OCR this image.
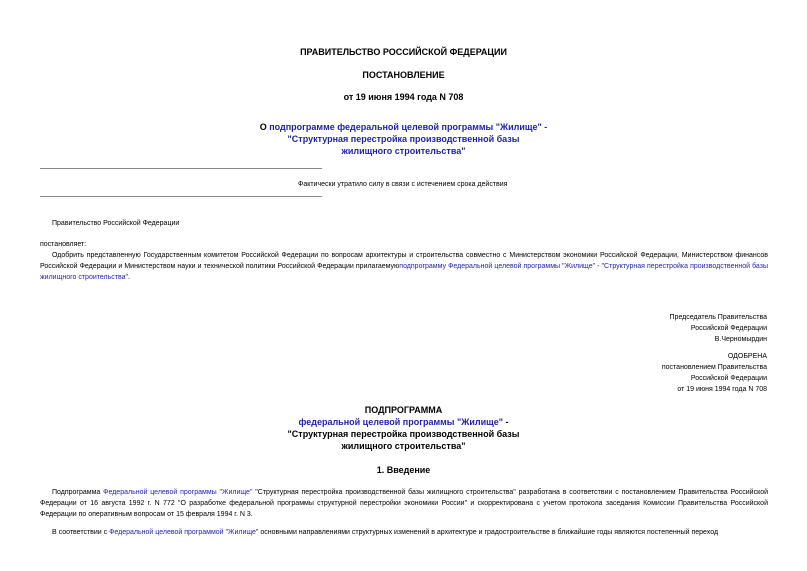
ПРАВИТЕЛЬСТВО РОССИЙСКОЙ ФЕДЕРАЦИИ
ПОСТАНОВЛЕНИЕ
от 19 июня 1994 года N 708
О подпрограмме федеральной целевой программы "Жилище" -
"Структурная перестройка производственной базы
жилищного строительства"
Фактически утратило силу в связи с истечением срока действия
Правительство Российской Федерации
постановляет:
Одобрить представленную Государственным комитетом Российской Федерации по вопросам архитектуры и строительства совместно с Министерством экономики Российской Федерации, Министерством финансов Российской Федерации и Министерством науки и технической политики Российской Федерации прилагаемуюподпрограмму Федеральной целевой программы "Жилище" - "Структурная перестройка производственной базы жилищного строительства".
Председатель Правительства
Российской Федерации
В.Черномырдин
ОДОБРЕНА
постановлением Правительства
Российской Федерации
от 19 июня 1994 года N 708
ПОДПРОГРАММА
федеральной целевой программы "Жилище" -
"Структурная перестройка производственной базы
жилищного строительства"
1. Введение
Подпрограмма Федеральной целевой программы "Жилище" "Структурная перестройка производственной базы жилищного строительства" разработана в соответствии с постановлением Правительства Российской Федерации от 16 августа 1992 г. N 772 "О разработке федеральной программы структурной перестройки экономики России" и скорректирована с учетом протокола заседания Комиссии Правительства Российской Федерации по оперативным вопросам от 15 февраля 1994 г. N 3.
В соответствии с Федеральной целевой программой "Жилище" основными направлениями структурных изменений в архитектуре и градостроительстве в ближайшие годы являются постепенный переход
